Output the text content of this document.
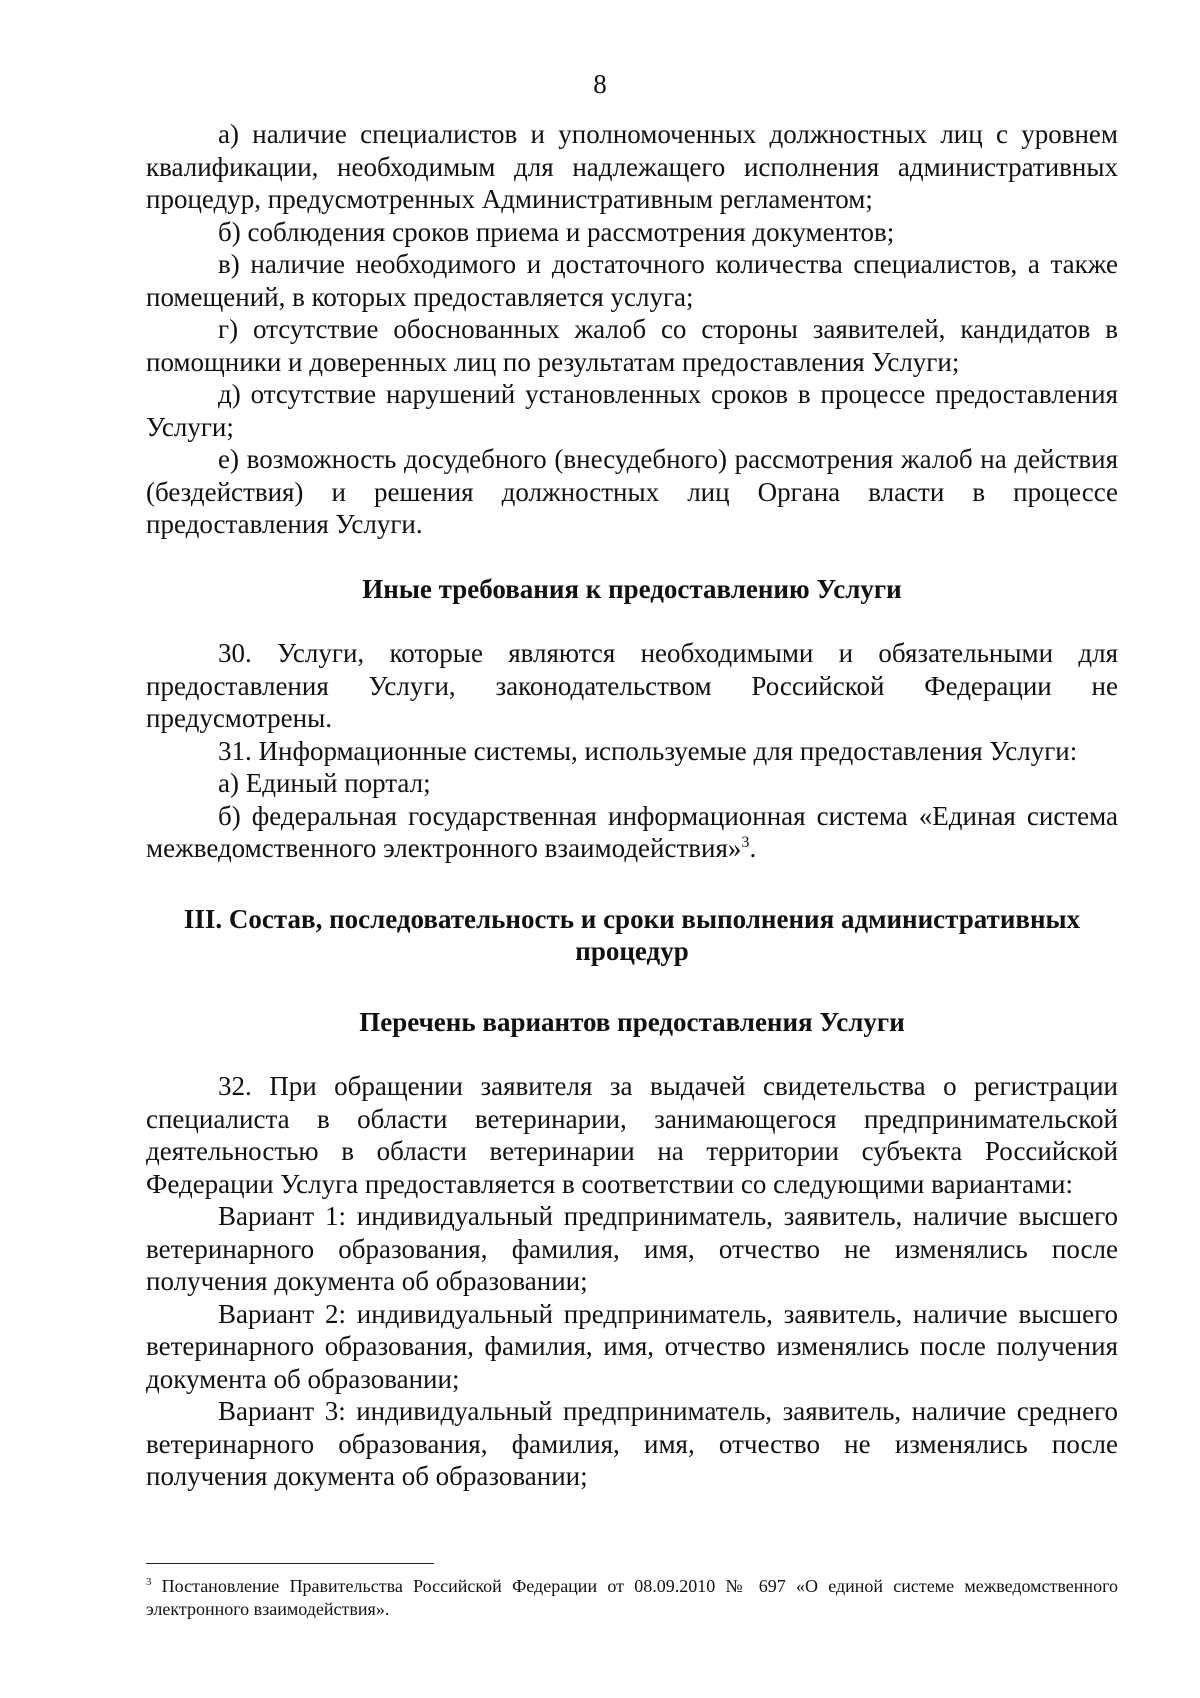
8

а) наличие специалистов и уполномоченных должностных лиц с уровнем квалификации, необходимым для надлежащего исполнения административных процедур, предусмотренных Административным регламентом;

б) соблюдения сроков приема и рассмотрения документов;

в) наличие необходимого и достаточного количества специалистов, а также помещений, в которых предоставляется услуга;

г) отсутствие обоснованных жалоб со стороны заявителей, кандидатов в помощники и доверенных лиц по результатам предоставления Услуги;

д) отсутствие нарушений установленных сроков в процессе предоставления Услуги;

е) возможность досудебного (внесудебного) рассмотрения жалоб на действия (бездействия) и решения должностных лиц Органа власти в процессе предоставления Услуги.

Иные требования к предоставлению Услуги

30. Услуги, которые являются необходимыми и обязательными для предоставления Услуги, законодательством Российской Федерации не предусмотрены.

31. Информационные системы, используемые для предоставления Услуги:

а) Единый портал;

б) федеральная государственная информационная система «Единая система межведомственного электронного взаимодействия»$^3$.

III. Состав, последовательность и сроки выполнения административных

процедур

Перечень вариантов предоставления Услуги

32. При обращении заявителя за выдачей свидетельства о регистрации специалиста в области ветеринарии, занимающегося предпринимательской деятельностью в области ветеринарии на территории субъекта Российской Федерации Услуга предоставляется в соответствии со следующими вариантами:

Вариант 1: индивидуальный предприниматель, заявитель, наличие высшего ветеринарного образования, фамилия, имя, отчество не изменялись после получения документа об образовании;

Вариант 2: индивидуальный предприниматель, заявитель, наличие высшего ветеринарного образования, фамилия, имя, отчество изменялись после получения документа об образовании;

Вариант 3: индивидуальный предприниматель, заявитель, наличие среднего ветеринарного образования, фамилия, имя, отчество не изменялись после получения документа об образовании;

$^3$ Постановление Правительства Российской Федерации от 08.09.2010 № 697 «О единой системе межведомственного электронного взаимодействия».
